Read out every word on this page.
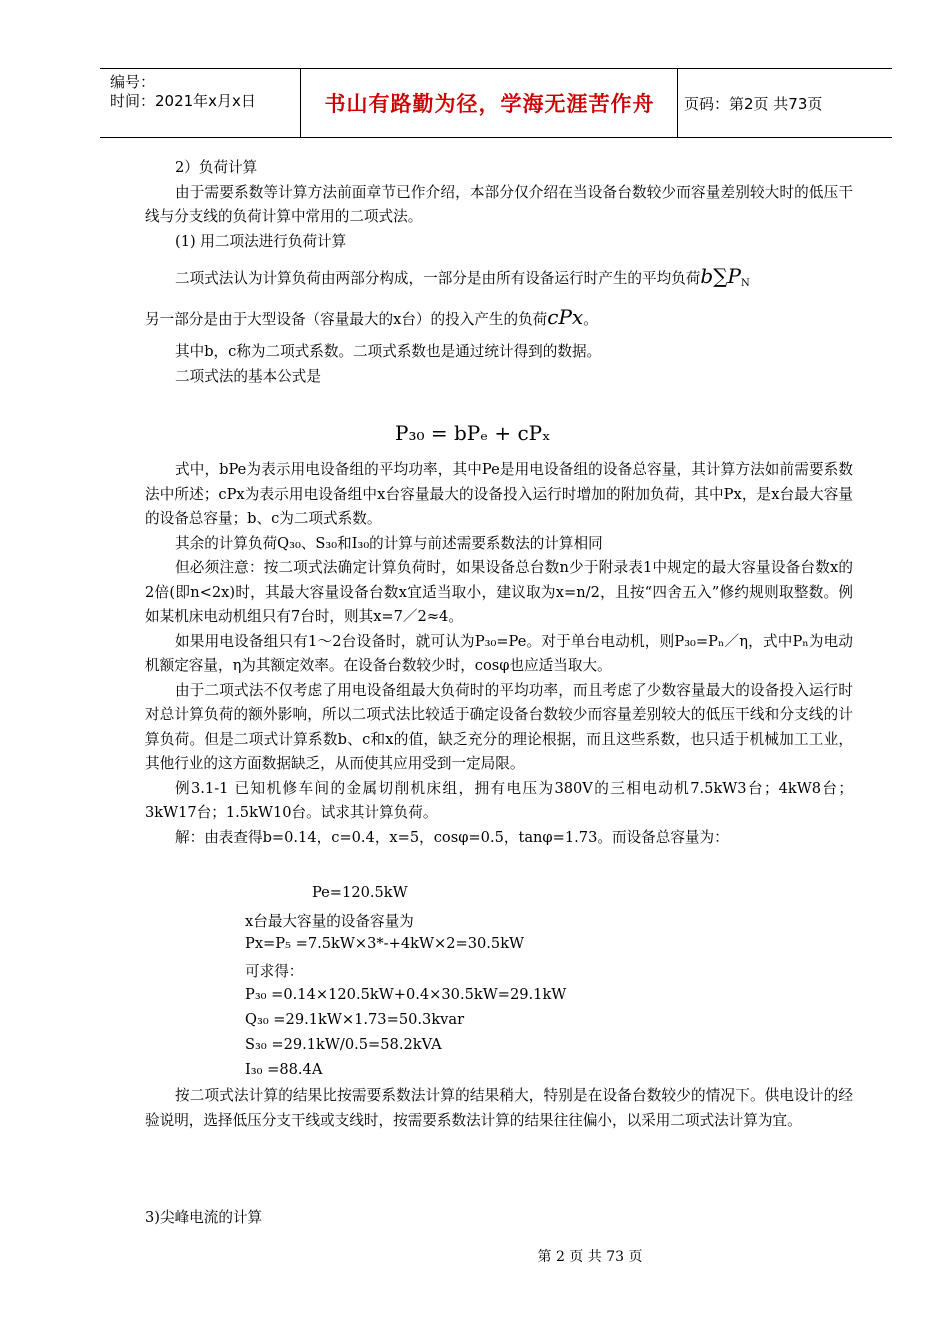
编号：
时间：2021年x月x日	书山有路勤为径，学海无涯苦作舟	页码：第2页 共73页

2）负荷计算

由于需要系数等计算方法前面章节已作介绍，本部分仅介绍在当设备台数较少而容量差别较大时的低压干线与分支线的负荷计算中常用的二项式法。

(1) 用二项法进行负荷计算

二项式法认为计算负荷由两部分构成，一部分是由所有设备运行时产生的平均负荷$b\sum P_N$

另一部分是由于大型设备（容量最大的x台）的投入产生的负荷cPx。

其中b，c称为二项式系数。二项式系数也是通过统计得到的数据。

二项式法的基本公式是

P₃₀ = bPₑ + cPₓ

式中，bPe为表示用电设备组的平均功率，其中Pe是用电设备组的设备总容量，其计算方法如前需要系数法中所述；cPx为表示用电设备组中x台容量最大的设备投入运行时增加的附加负荷，其中Px，是x台最大容量的设备总容量；b、c为二项式系数。

其余的计算负荷Q₃₀、S₃₀和I₃₀的计算与前述需要系数法的计算相同

但必须注意：按二项式法确定计算负荷时，如果设备总台数n少于附录表1中规定的最大容量设备台数x的2倍(即n<2x)时，其最大容量设备台数x宜适当取小，建议取为x=n/2，且按“四舍五入”修约规则取整数。例如某机床电动机组只有7台时，则其x=7／2≈4。

如果用电设备组只有1～2台设备时，就可认为P₃₀=Pe。对于单台电动机，则P₃₀=Pₙ／η，式中Pₙ为电动机额定容量，η为其额定效率。在设备台数较少时，cosφ也应适当取大。

由于二项式法不仅考虑了用电设备组最大负荷时的平均功率，而且考虑了少数容量最大的设备投入运行时对总计算负荷的额外影响，所以二项式法比较适于确定设备台数较少而容量差别较大的低压干线和分支线的计算负荷。但是二项式计算系数b、c和x的值，缺乏充分的理论根据，而且这些系数，也只适于机械加工工业，其他行业的这方面数据缺乏，从而使其应用受到一定局限。

例3.1-1 已知机修车间的金属切削机床组，拥有电压为380V的三相电动机7.5kW3台；4kW8台；3kW17台；1.5kW10台。试求其计算负荷。

解：由表查得b=0.14，c=0.4，x=5，cosφ=0.5，tanφ=1.73。而设备总容量为：

Pe=120.5kW
x台最大容量的设备容量为
Px=P₅ =7.5kW×3*-+4kW×2=30.5kW
可求得：
P₃₀ =0.14×120.5kW+0.4×30.5kW=29.1kW
Q₃₀ =29.1kW×1.73=50.3kvar
S₃₀ =29.1kW/0.5=58.2kVA
I₃₀ =88.4A

按二项式法计算的结果比按需要系数法计算的结果稍大，特别是在设备台数较少的情况下。供电设计的经验说明，选择低压分支干线或支线时，按需要系数法计算的结果往往偏小，以采用二项式法计算为宜。

3)尖峰电流的计算

第 2 页 共 73 页
